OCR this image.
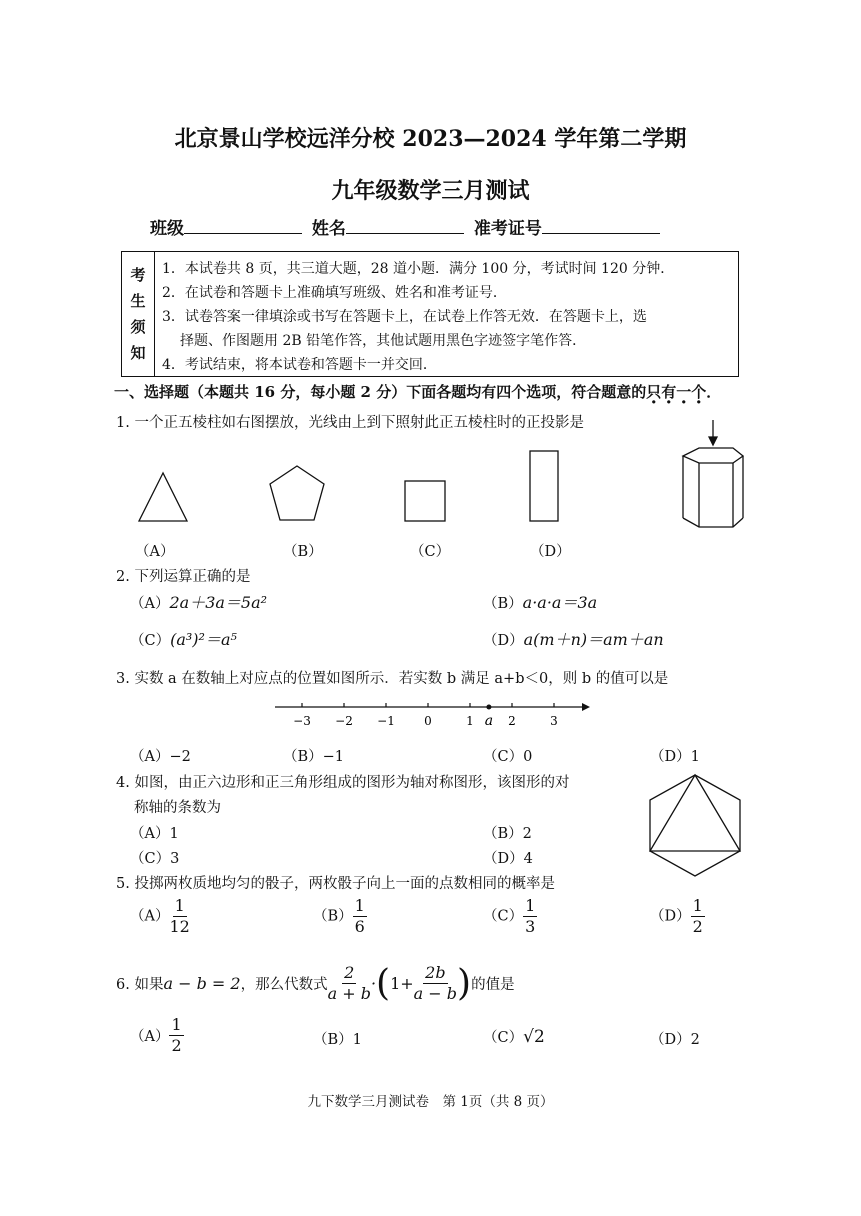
北京景山学校远洋分校 2023—2024 学年第二学期
九年级数学三月测试
班级	姓名	准考证号
考
生
须
知
1．本试卷共 8 页，共三道大题，28 道小题．满分 100 分，考试时间 120 分钟．
2．在试卷和答题卡上准确填写班级、姓名和准考证号．
3．试卷答案一律填涂或书写在答题卡上，在试卷上作答无效．在答题卡上，选
择题、作图题用 2B 铅笔作答，其他试题用黑色字迹签字笔作答．
4．考试结束，将本试卷和答题卡一并交回．
一、选择题（本题共 16 分，每小题 2 分）下面各题均有四个选项，符合题意的只有一个．
1. 一个正五棱柱如右图摆放，光线由上到下照射此正五棱柱时的正投影是
（A）	（B）	（C）	（D）
2. 下列运算正确的是
（A）2a＋3a＝5a²	（B）a·a·a＝3a
（C）(a³)²＝a⁵	（D）a(m＋n)＝am＋an
3. 实数 a 在数轴上对应点的位置如图所示．若实数 b 满足 a+b＜0，则 b 的值可以是
−3 −2 −1 0	1	2	3
a
（A）−2	（B）−1	（C）0	（D）1
4. 如图，由正六边形和正三角形组成的图形为轴对称图形，该图形的对
称轴的条数为
（A）1	（B）2
（C）3	（D）4
5. 投掷两枚质地均匀的骰子，两枚骰子向上一面的点数相同的概率是
$(A) \frac{1}{12}$	$(B) \frac{1}{6}$	$(C) \frac{1}{3}$	$(D) \frac{1}{2}$
6. 如果 a − b = 2 ，那么代数式 $\frac{2}{a + b}$ · ( $1+ \frac{2b}{a - b}$ ) 的值是
$(A) \frac{1}{2}$	（B）1	（C）√2	（D）2
九下数学三月测试卷　第 1页（共 8 页）
